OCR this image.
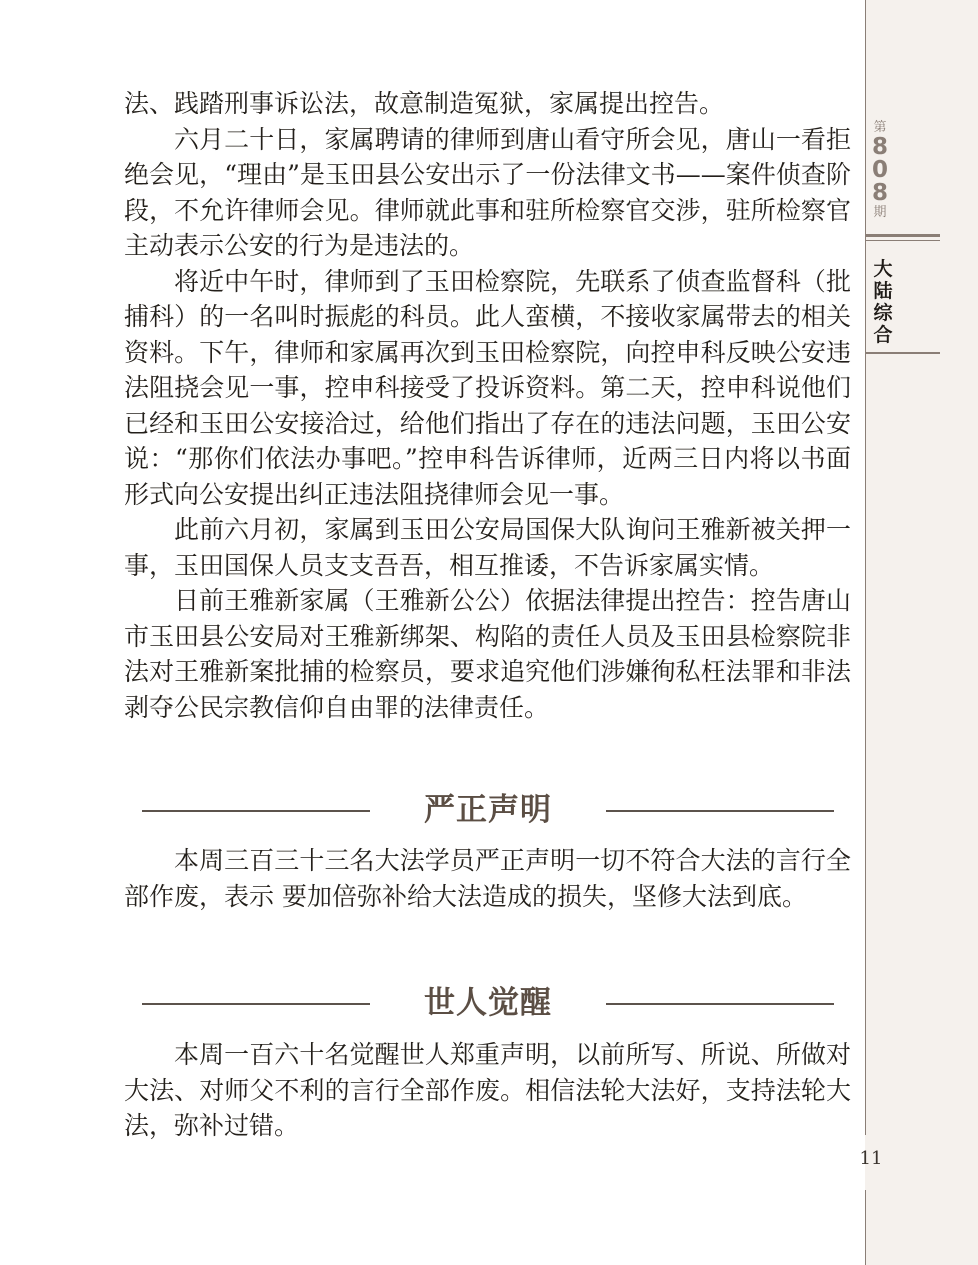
第
8
0
8
期
大
陆
综
合
11

法、践踏刑事诉讼法，故意制造冤狱，家属提出控告。

六月二十日，家属聘请的律师到唐山看守所会见，唐山一看拒绝会见，“理由”是玉田县公安出示了一份法律文书——案件侦查阶段，不允许律师会见。律师就此事和驻所检察官交涉，驻所检察官主动表示公安的行为是违法的。

将近中午时，律师到了玉田检察院，先联系了侦查监督科（批捕科）的一名叫时振彪的科员。此人蛮横，不接收家属带去的相关资料。下午，律师和家属再次到玉田检察院，向控申科反映公安违法阻挠会见一事，控申科接受了投诉资料。第二天，控申科说他们已经和玉田公安接洽过，给他们指出了存在的违法问题，玉田公安说：“那你们依法办事吧。”控申科告诉律师，近两三日内将以书面形式向公安提出纠正违法阻挠律师会见一事。

此前六月初，家属到玉田公安局国保大队询问王雅新被关押一事，玉田国保人员支支吾吾，相互推诿，不告诉家属实情。

日前王雅新家属（王雅新公公）依据法律提出控告：控告唐山市玉田县公安局对王雅新绑架、构陷的责任人员及玉田县检察院非法对王雅新案批捕的检察员，要求追究他们涉嫌徇私枉法罪和非法剥夺公民宗教信仰自由罪的法律责任。

严正声明

本周三百三十三名大法学员严正声明一切不符合大法的言行全部作废，表示 要加倍弥补给大法造成的损失，坚修大法到底。

世人觉醒

本周一百六十名觉醒世人郑重声明，以前所写、所说、所做对大法、对师父不利的言行全部作废。相信法轮大法好，支持法轮大法，弥补过错。
